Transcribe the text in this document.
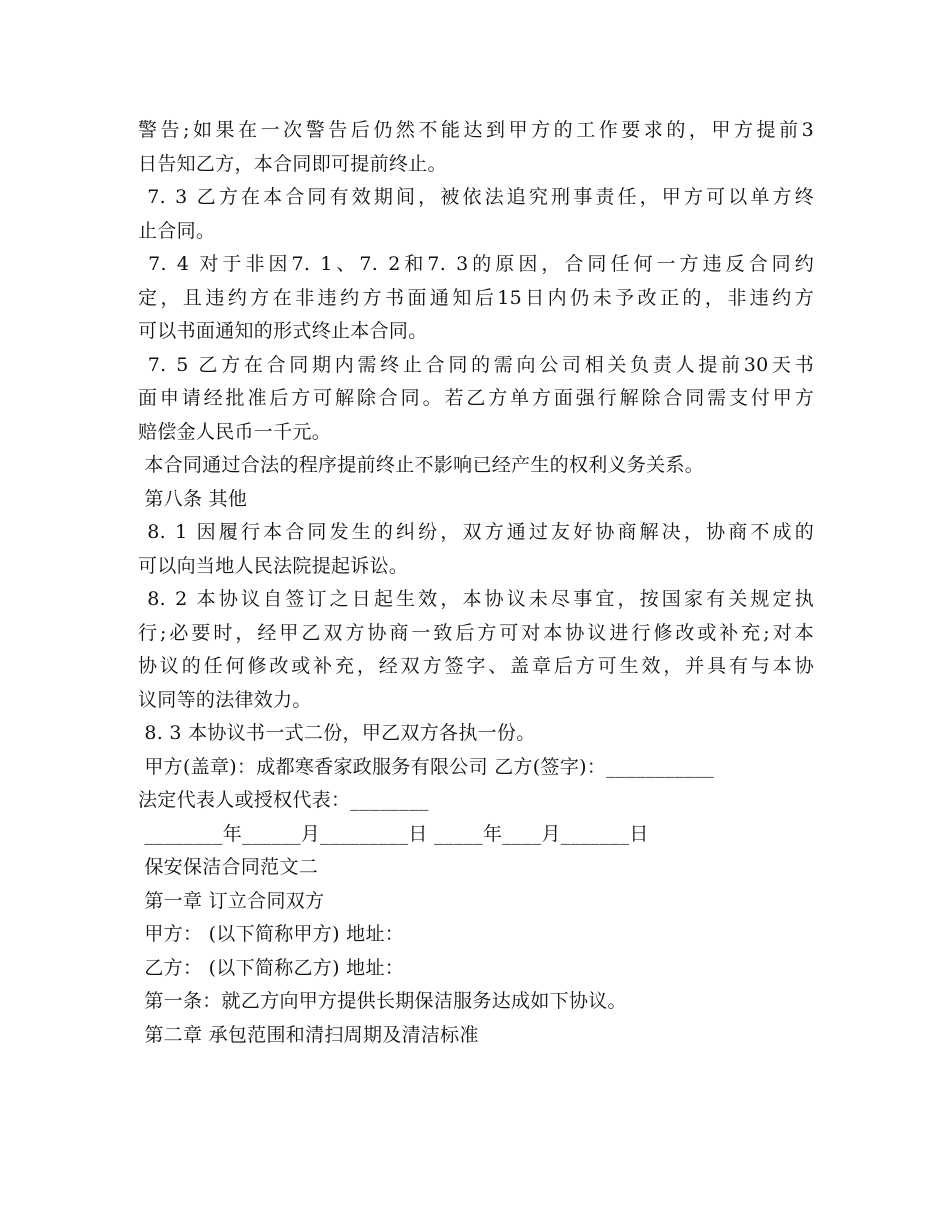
警告;如果在一次警告后仍然不能达到甲方的工作要求的，甲方提前3
日告知乙方，本合同即可提前终止。
7. 3 乙方在本合同有效期间，被依法追究刑事责任，甲方可以单方终
止合同。
7. 4 对于非因7. 1、7. 2和7. 3的原因，合同任何一方违反合同约
定，且违约方在非违约方书面通知后15日内仍未予改正的，非违约方
可以书面通知的形式终止本合同。
7. 5 乙方在合同期内需终止合同的需向公司相关负责人提前30天书
面申请经批准后方可解除合同。若乙方单方面强行解除合同需支付甲方
赔偿金人民币一千元。
本合同通过合法的程序提前终止不影响已经产生的权利义务关系。
第八条 其他
8. 1 因履行本合同发生的纠纷，双方通过友好协商解决，协商不成的
可以向当地人民法院提起诉讼。
8. 2 本协议自签订之日起生效，本协议未尽事宜，按国家有关规定执
行;必要时，经甲乙双方协商一致后方可对本协议进行修改或补充;对本
协议的任何修改或补充，经双方签字、盖章后方可生效，并具有与本协
议同等的法律效力。
8. 3 本协议书一式二份，甲乙双方各执一份。
甲方(盖章)：成都寒香家政服务有限公司 乙方(签字)：___________
法定代表人或授权代表：________
________年______月_________日 _____年____月_______日
保安保洁合同范文二
第一章 订立合同双方
甲方： (以下简称甲方) 地址：
乙方： (以下简称乙方) 地址：
第一条：就乙方向甲方提供长期保洁服务达成如下协议。
第二章 承包范围和清扫周期及清洁标准
